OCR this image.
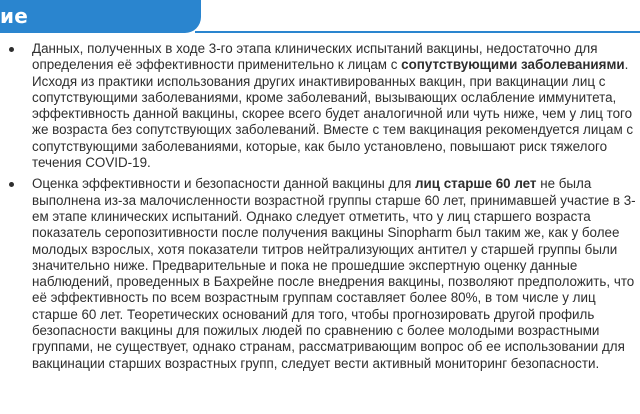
ие
Данных, полученных в ходе 3-го этапа клинических испытаний вакцины, недостаточно для определения её эффективности применительно к лицам с сопутствующими заболеваниями. Исходя из практики использования других инактивированных вакцин, при вакцинации лиц с сопутствующими заболеваниями, кроме заболеваний, вызывающих ослабление иммунитета, эффективность данной вакцины, скорее всего будет аналогичной или чуть ниже, чем у лиц того же возраста без сопутствующих заболеваний. Вместе с тем вакцинация рекомендуется лицам с сопутствующими заболеваниями, которые, как было установлено, повышают риск тяжелого течения COVID-19.
Оценка эффективности и безопасности данной вакцины для лиц старше 60 лет не была выполнена из-за малочисленности возрастной группы старше 60 лет, принимавшей участие в 3-ем этапе клинических испытаний. Однако следует отметить, что у лиц старшего возраста показатель серопозитивности после получения вакцины Sinopharm был таким же, как у более молодых взрослых, хотя показатели титров нейтрализующих антител у старшей группы были значительно ниже. Предварительные и пока не прошедшие экспертную оценку данные наблюдений, проведенных в Бахрейне после внедрения вакцины, позволяют предположить, что её эффективность по всем возрастным группам составляет более 80%, в том числе у лиц старше 60 лет. Теоретических оснований для того, чтобы прогнозировать другой профиль безопасности вакцины для пожилых людей по сравнению с более молодыми возрастными группами, не существует, однако странам, рассматривающим вопрос об ее использовании для вакцинации старших возрастных групп, следует вести активный мониторинг безопасности.
